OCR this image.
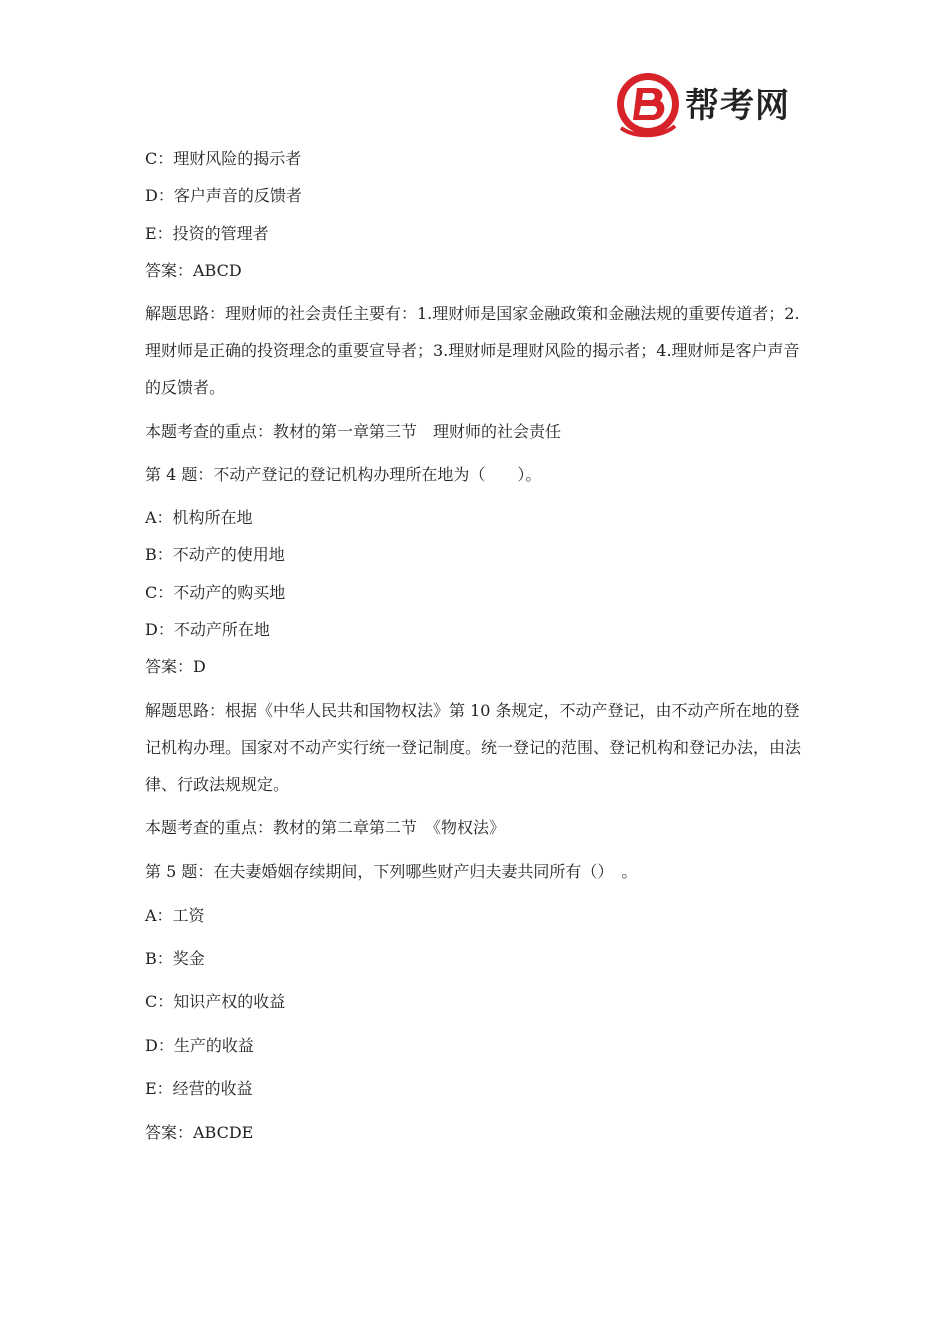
帮考网
C：理财风险的揭示者
D：客户声音的反馈者
E：投资的管理者
答案：ABCD
解题思路：理财师的社会责任主要有：1.理财师是国家金融政策和金融法规的重要传道者；2.理财师是正确的投资理念的重要宣导者；3.理财师是理财风险的揭示者；4.理财师是客户声音的反馈者。
本题考查的重点：教材的第一章第三节　理财师的社会责任
第 4 题：不动产登记的登记机构办理所在地为（　　）。
A：机构所在地
B：不动产的使用地
C：不动产的购买地
D：不动产所在地
答案：D
解题思路：根据《中华人民共和国物权法》第 10 条规定，不动产登记，由不动产所在地的登记机构办理。国家对不动产实行统一登记制度。统一登记的范围、登记机构和登记办法，由法律、行政法规规定。
本题考查的重点：教材的第二章第二节　《物权法》
第 5 题：在夫妻婚姻存续期间，下列哪些财产归夫妻共同所有（）　。
A：工资
B：奖金
C：知识产权的收益
D：生产的收益
E：经营的收益
答案：ABCDE
